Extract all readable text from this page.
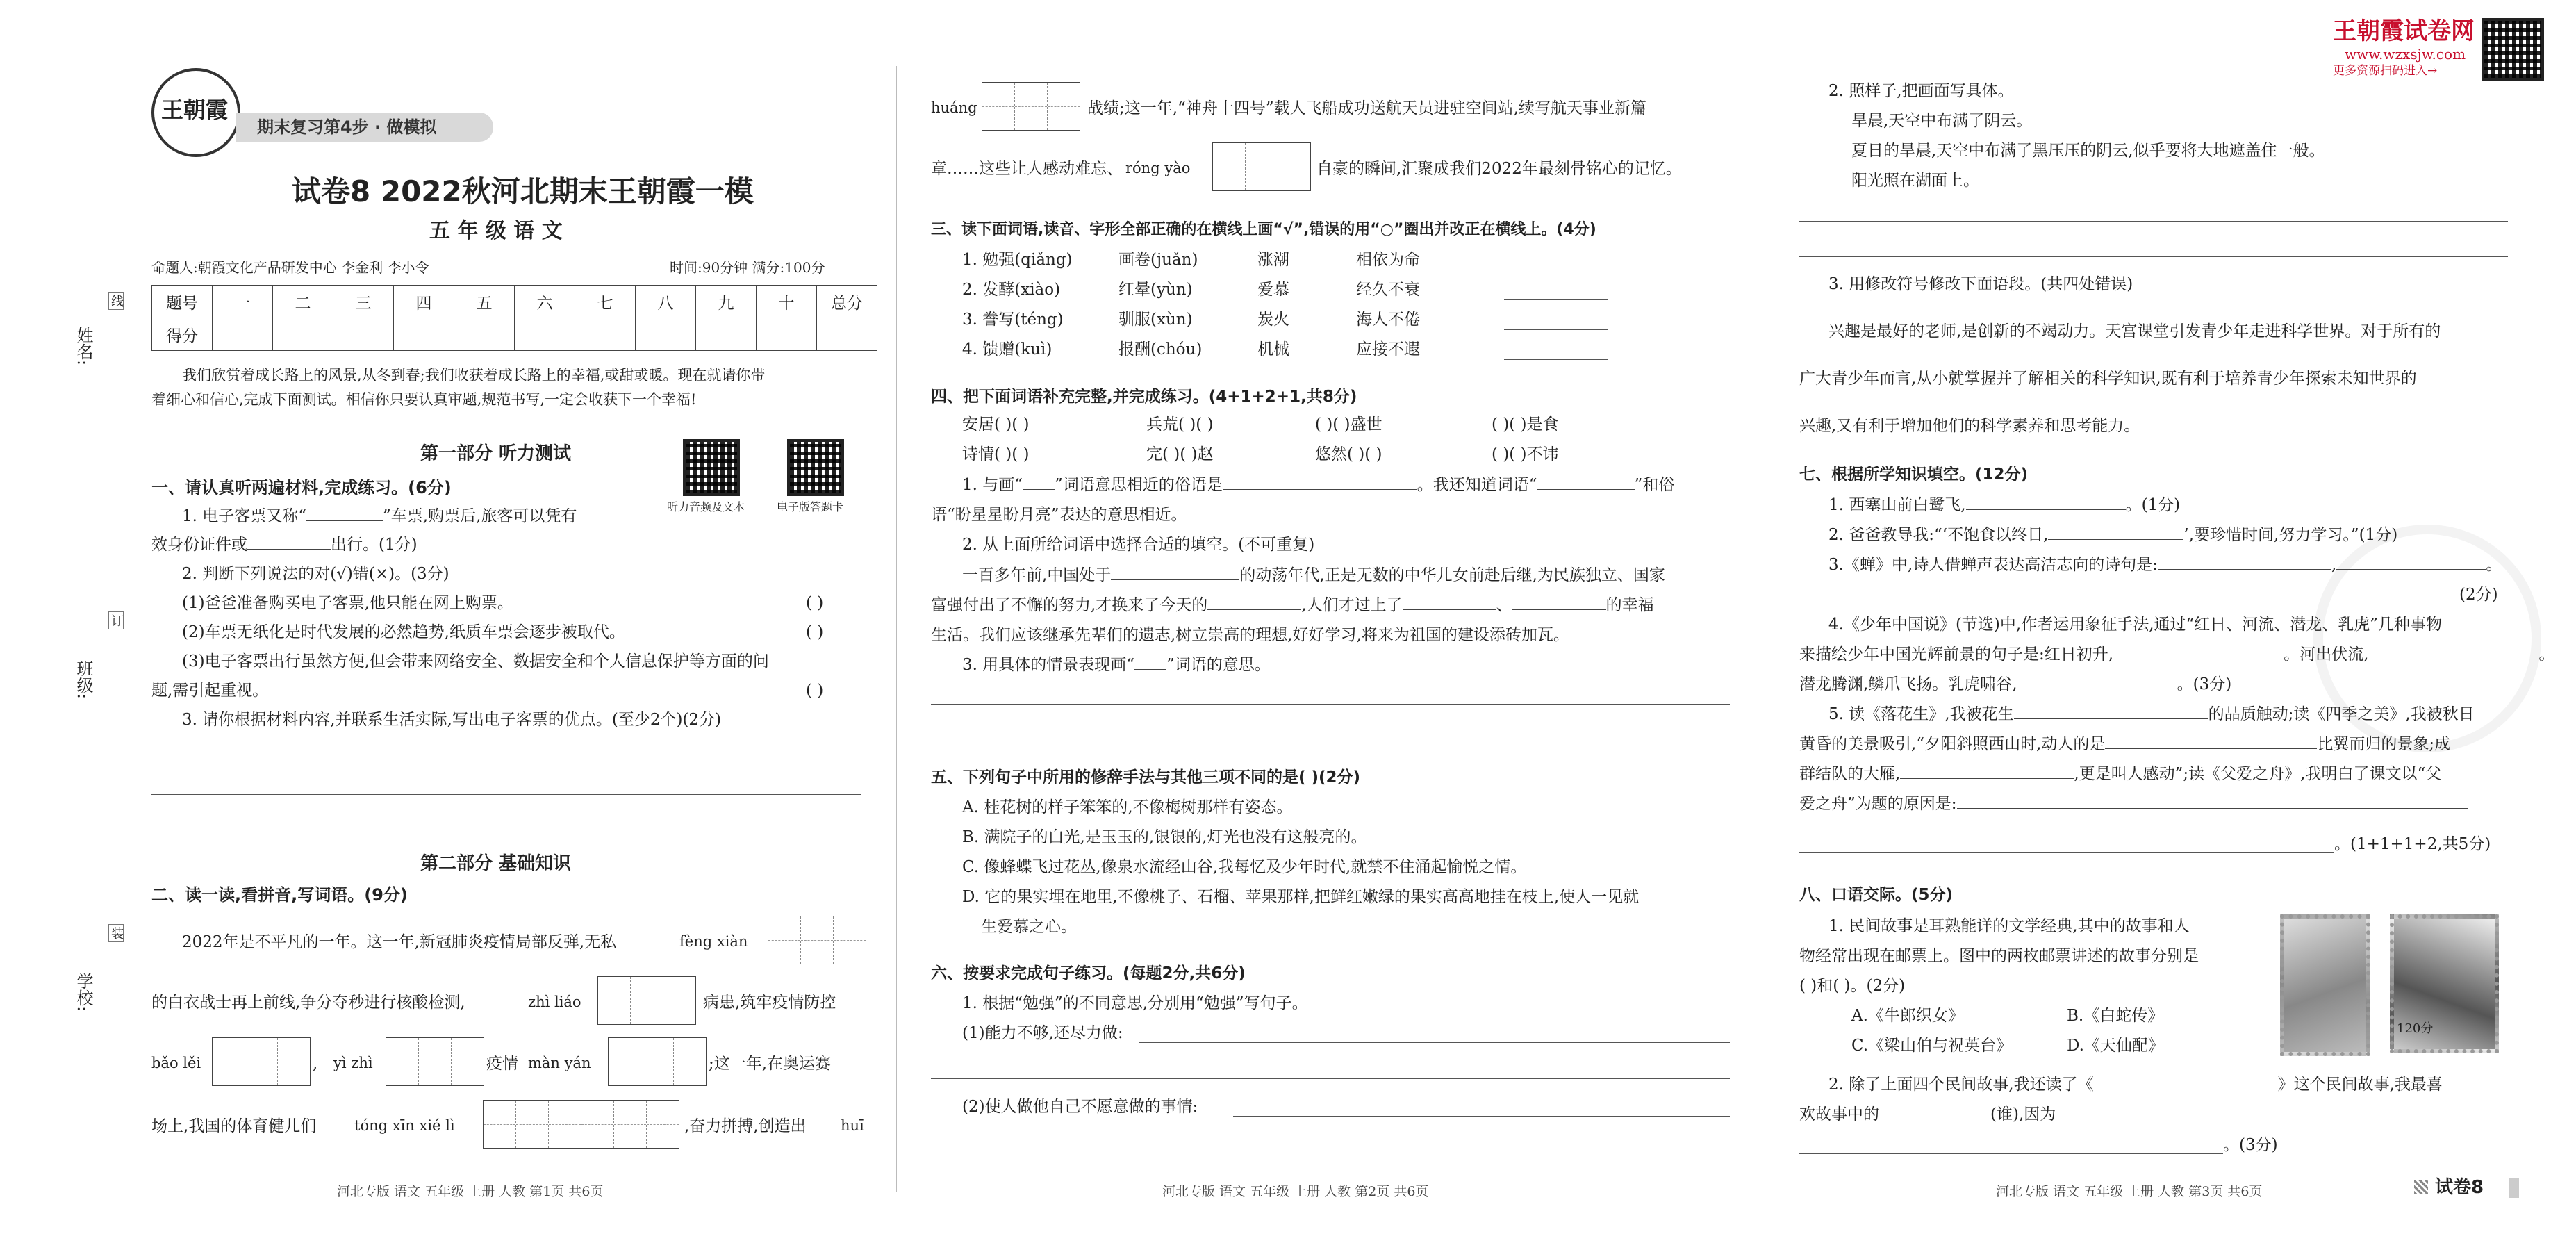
姓名:
班级:
学校:
线
订
装
王朝霞
期末复习第4步 · 做模拟
试卷8 2022秋河北期末王朝霞一模
五 年 级 语 文
命题人:朝霞文化产品研发中心 李金利 李小令	时间:90分钟 满分:100分
题号	一	二	三	四	五	六	七	八	九	十	总分
得分											
我们欣赏着成长路上的风景,从冬到春;我们收获着成长路上的幸福,或甜或暖。现在就请你带
着细心和信心,完成下面测试。相信你只要认真审题,规范书写,一定会收获下一个幸福!
第一部分 听力测试
听力音频及文本	电子版答题卡
一、请认真听两遍材料,完成练习。(6分)
1. 电子客票又称“	”车票,购票后,旅客可以凭有
效身份证件或	出行。(1分)
2. 判断下列说法的对(√)错(×)。(3分)
(1)爸爸准备购买电子客票,他只能在网上购票。	( )
(2)车票无纸化是时代发展的必然趋势,纸质车票会逐步被取代。	( )
(3)电子客票出行虽然方便,但会带来网络安全、数据安全和个人信息保护等方面的问
题,需引起重视。	( )
3. 请你根据材料内容,并联系生活实际,写出电子客票的优点。(至少2个)(2分)
第二部分 基础知识
二、读一读,看拼音,写词语。(9分)
2022年是不平凡的一年。这一年,新冠肺炎疫情局部反弹,无私	fèng xiàn
的白衣战士再上前线,争分夺秒进行核酸检测,	zhì liáo	病患,筑牢疫情防控
bǎo lěi	, yì zhì	疫情 màn yán	;这一年,在奥运赛
场上,我国的体育健儿们	tóng xīn xié lì	,奋力拼搏,创造出 huī
河北专版 语文 五年级 上册 人教 第1页 共6页
huáng	战绩;这一年,“神舟十四号”载人飞船成功送航天员进驻空间站,续写航天事业新篇
章……这些让人感动难忘、 róng yào	自豪的瞬间,汇聚成我们2022年最刻骨铭心的记忆。
三、读下面词语,读音、字形全部正确的在横线上画“√”,错误的用“○”圈出并改正在横线上。(4分)
1. 勉强(qiǎng)	画卷(juǎn)	涨潮	相依为命
2. 发酵(xiào)	红晕(yùn)	爱慕	经久不衰
3. 誊写(téng)	驯服(xùn)	炭火	海人不倦
4. 馈赠(kuì)	报酬(chóu)	机械	应接不遐
四、把下面词语补充完整,并完成练习。(4+1+2+1,共8分)
安居( )( )	兵荒( )( )	( )( )盛世	( )( )是食
诗情( )( )	完( )( )赵	悠然( )( )	( )( )不讳
1. 与画“ ”词语意思相近的俗语是	。我还知道词语“	”和俗
语“盼星星盼月亮”表达的意思相近。
2. 从上面所给词语中选择合适的填空。(不可重复)
一百多年前,中国处于	的动荡年代,正是无数的中华儿女前赴后继,为民族独立、国家
富强付出了不懈的努力,才换来了今天的	,人们才过上了	、	的幸福
生活。我们应该继承先辈们的遗志,树立崇高的理想,好好学习,将来为祖国的建设添砖加瓦。
3. 用具体的情景表现画“ ”词语的意思。
五、下列句子中所用的修辞手法与其他三项不同的是( )(2分)
A. 桂花树的样子笨笨的,不像梅树那样有姿态。
B. 满院子的白光,是玉玉的,银银的,灯光也没有这般亮的。
C. 像蜂蝶飞过花丛,像泉水流经山谷,我每忆及少年时代,就禁不住涌起愉悦之情。
D. 它的果实埋在地里,不像桃子、石榴、苹果那样,把鲜红嫩绿的果实高高地挂在枝上,使人一见就
生爱慕之心。
六、按要求完成句子练习。(每题2分,共6分)
1. 根据“勉强”的不同意思,分别用“勉强”写句子。
(1)能力不够,还尽力做:
(2)使人做他自己不愿意做的事情:
河北专版 语文 五年级 上册 人教 第2页 共6页
王朝霞试卷网
www.wzxsjw.com
更多资源扫码进入→
2. 照样子,把画面写具体。
旱晨,天空中布满了阴云。
夏日的旱晨,天空中布满了黑压压的阴云,似乎要将大地遮盖住一般。
阳光照在湖面上。
3. 用修改符号修改下面语段。(共四处错误)
兴趣是最好的老师,是创新的不竭动力。天宫课堂引发青少年走进科学世界。对于所有的
广大青少年而言,从小就掌握并了解相关的科学知识,既有利于培养青少年探索未知世界的
兴趣,又有利于增加他们的科学素养和思考能力。
七、根据所学知识填空。(12分)
1. 西塞山前白鹭飞,	。(1分)
2. 爸爸教导我:“‘不饱食以终日,	’,要珍惜时间,努力学习。”(1分)
3.《蝉》中,诗人借蝉声表达高洁志向的诗句是:	,	。
(2分)
4.《少年中国说》(节选)中,作者运用象征手法,通过“红日、河流、潜龙、乳虎”几种事物
来描绘少年中国光辉前景的句子是:红日初升,	。河出伏流,	。
潜龙腾渊,鳞爪飞扬。乳虎啸谷,	。(3分)
5. 读《落花生》,我被花生	的品质触动;读《四季之美》,我被秋日
黄昏的美景吸引,“夕阳斜照西山时,动人的是	比翼而归的景象;成
群结队的大雁,	,更是叫人感动”;读《父爱之舟》,我明白了课文以“父
爱之舟”为题的原因是:
。(1+1+1+2,共5分)
八、口语交际。(5分)
1. 民间故事是耳熟能详的文学经典,其中的故事和人
物经常出现在邮票上。图中的两枚邮票讲述的故事分别是
( )和( )。(2分)
A.《牛郎织女》	B.《白蛇传》
C.《梁山伯与祝英台》	D.《天仙配》
120分
2. 除了上面四个民间故事,我还读了《	》这个民间故事,我最喜
欢故事中的	(谁),因为
。(3分)
河北专版 语文 五年级 上册 人教 第3页 共6页	试卷8
